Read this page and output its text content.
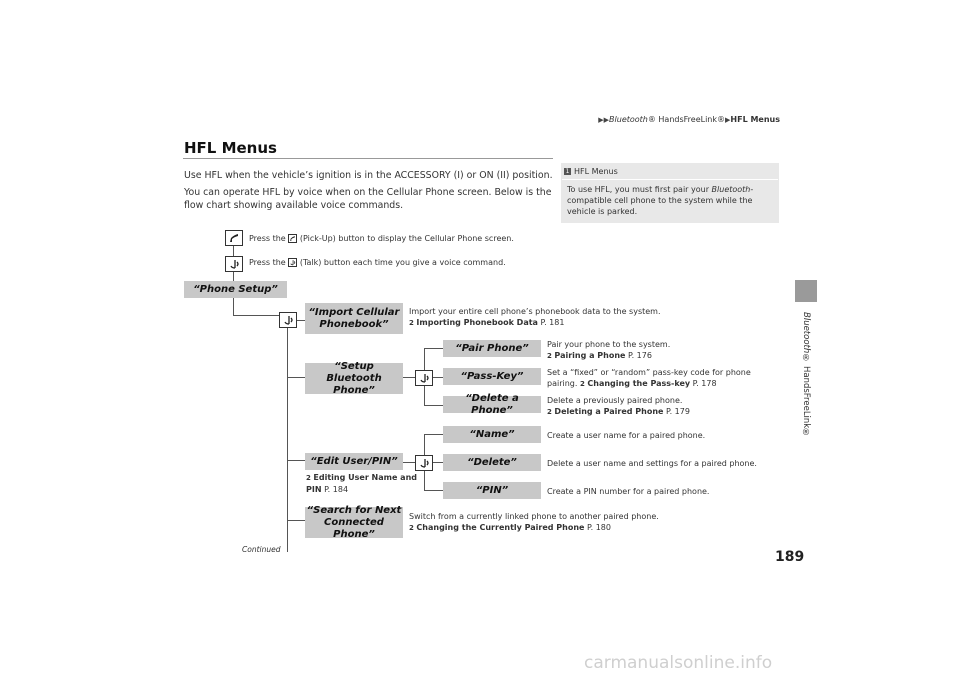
▶▶Bluetooth® HandsFreeLink®▶HFL Menus
189
HFL Menus
Use HFL when the vehicle’s ignition is in the ACCESSORY (I) or ON (II) position.
You can operate HFL by voice when on the Cellular Phone screen. Below is the flow chart showing available voice commands.
Bluetooth® HandsFreeLink®
1 HFL Menus
To use HFL, you must first pair your Bluetooth-compatible cell phone to the system while the vehicle is parked.
Press the (Pick-Up) button to display the Cellular Phone screen.
Press the (Talk) button each time you give a voice command.
“Phone Setup”
“Import Cellular
Phonebook”
“Setup Bluetooth
Phone”
“Edit User/PIN”
“Search for Next
Connected Phone”
Import your entire cell phone’s phonebook data to the system.
2 Importing Phonebook Data P. 181
“Pair Phone”
“Pass-Key”
“Delete a Phone”
Pair your phone to the system.
2 Pairing a Phone P. 176
Set a “fixed” or “random” pass-key code for phone
pairing. 2 Changing the Pass-key P. 178
Delete a previously paired phone.
2 Deleting a Paired Phone P. 179
“Name”
“Delete”
“PIN”
Create a user name for a paired phone.
Delete a user name and settings for a paired phone.
Create a PIN number for a paired phone.
2 Editing User Name and
PIN P. 184
Switch from a currently linked phone to another paired phone.
2 Changing the Currently Paired Phone P. 180
Continued
carmanualsonline.info
